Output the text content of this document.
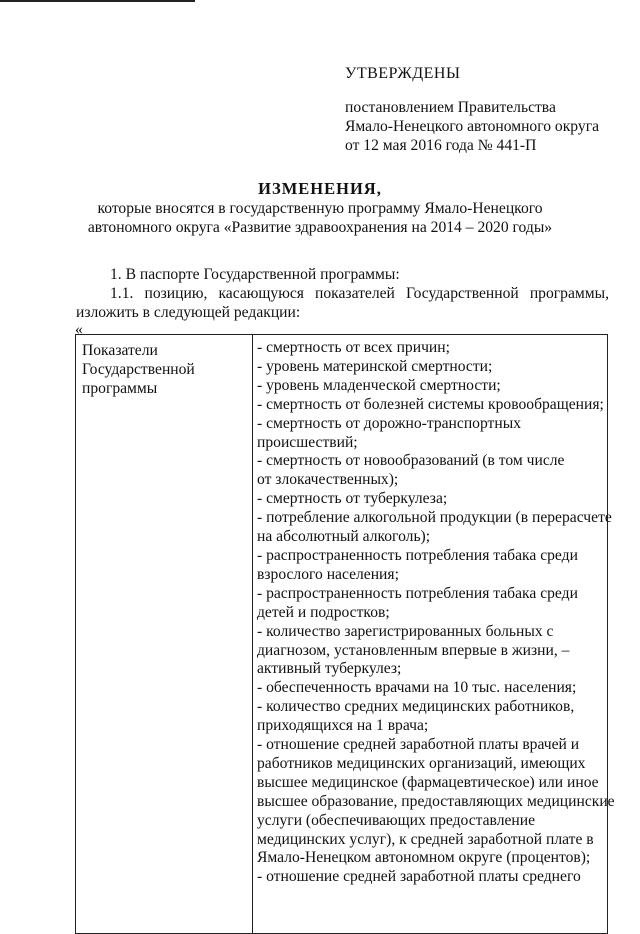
УТВЕРЖДЕНЫ
постановлением Правительства
Ямало-Ненецкого автономного округа
от 12 мая 2016 года № 441-П
ИЗМЕНЕНИЯ,
которые вносятся в государственную программу Ямало-Ненецкого
автономного округа «Развитие здравоохранения на 2014 – 2020 годы»
1. В паспорте Государственной программы:
1.1. позицию, касающуюся показателей Государственной программы,
изложить в следующей редакции:
«
Показатели
Государственной
программы
- смертность от всех причин;
- уровень материнской смертности;
- уровень младенческой смертности;
- смертность от болезней системы кровообращения;
- смертность от дорожно-транспортных
происшествий;
- смертность от новообразований (в том числе
от злокачественных);
- смертность от туберкулеза;
- потребление алкогольной продукции (в перерасчете
на абсолютный алкоголь);
- распространенность потребления табака среди
взрослого населения;
- распространенность потребления табака среди
детей и подростков;
- количество зарегистрированных больных с
диагнозом, установленным впервые в жизни, –
активный туберкулез;
- обеспеченность врачами на 10 тыс. населения;
- количество средних медицинских работников,
приходящихся на 1 врача;
- отношение средней заработной платы врачей и
работников медицинских организаций, имеющих
высшее медицинское (фармацевтическое) или иное
высшее образование, предоставляющих медицинские
услуги (обеспечивающих предоставление
медицинских услуг), к средней заработной плате в
Ямало-Ненецком автономном округе (процентов);
- отношение средней заработной платы среднего
